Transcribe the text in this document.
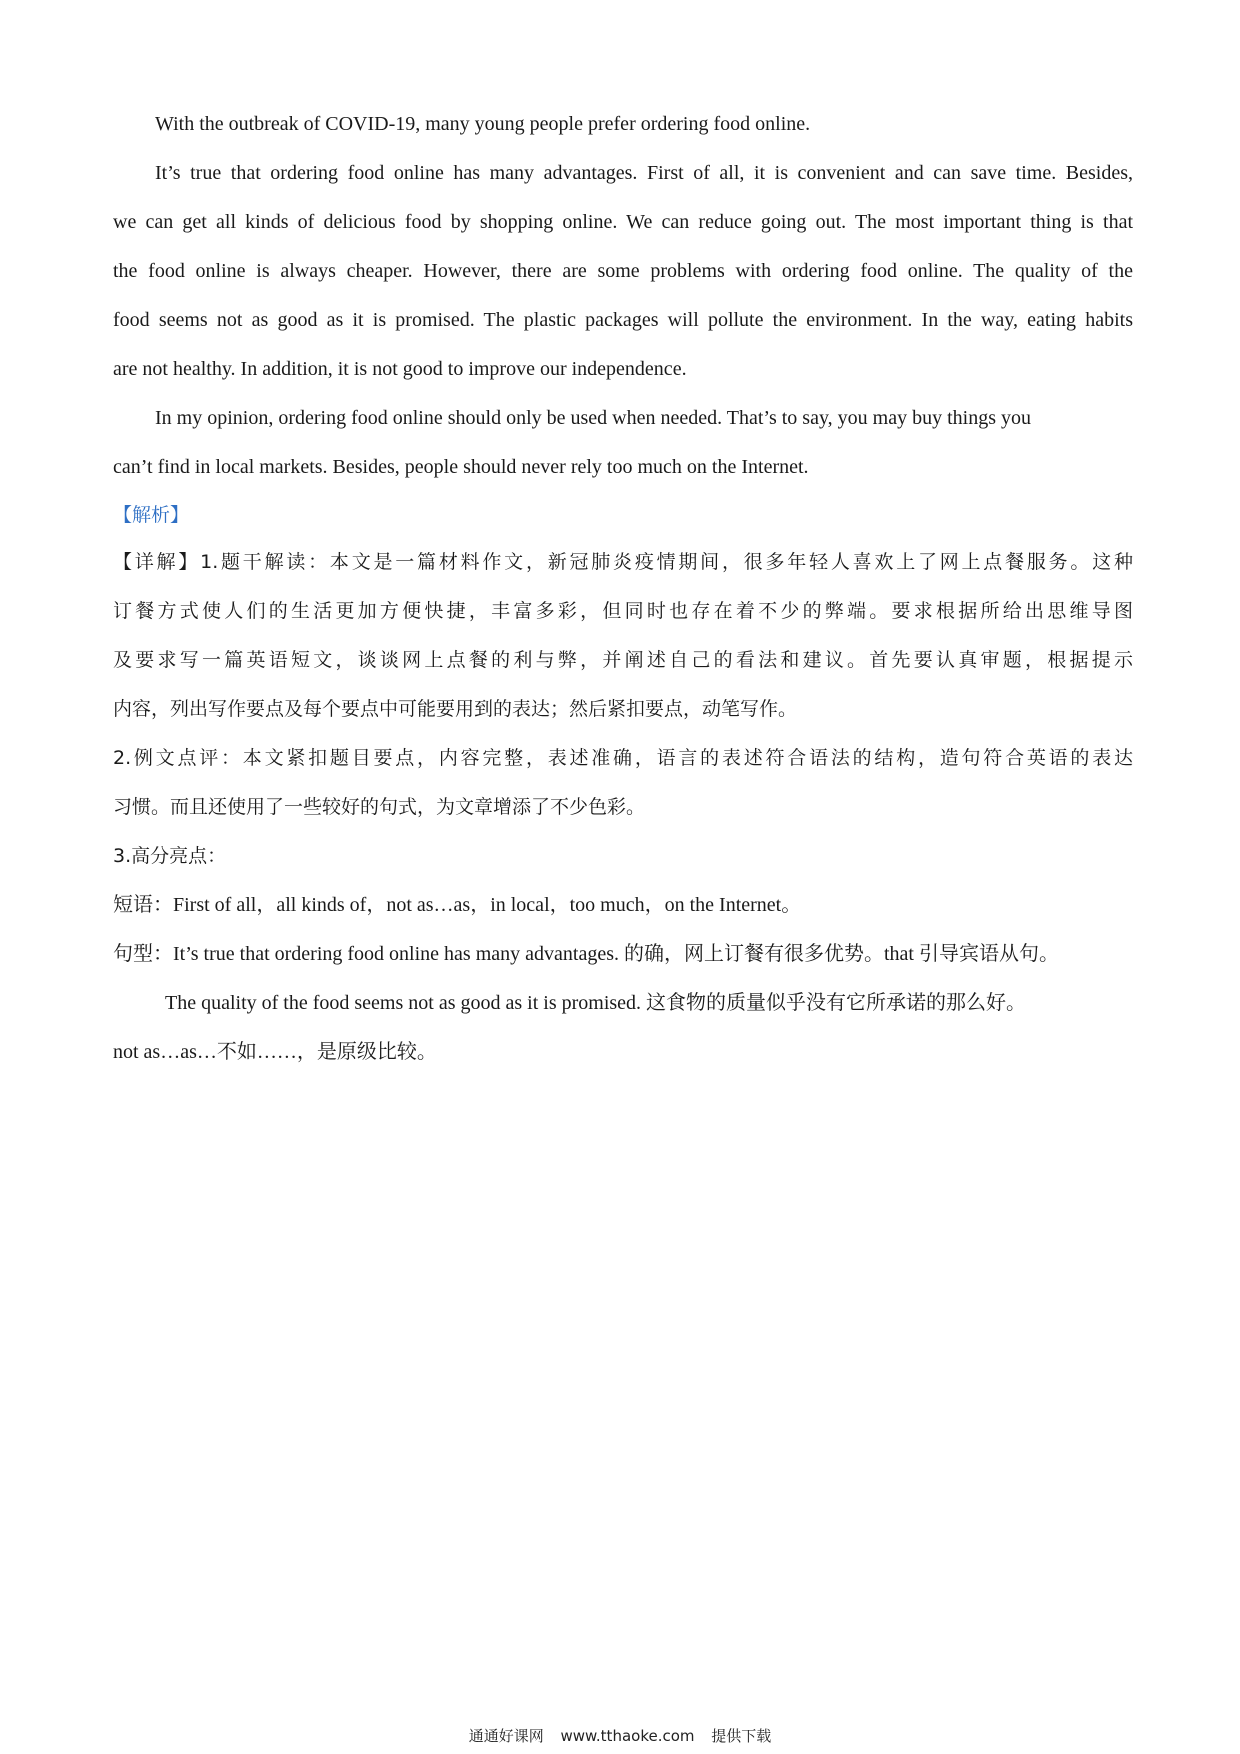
With the outbreak of COVID-19, many young people prefer ordering food online.
It’s true that ordering food online has many advantages. First of all, it is convenient and can save time. Besides,
we can get all kinds of delicious food by shopping online. We can reduce going out. The most important thing is that
the food online is always cheaper. However, there are some problems with ordering food online. The quality of the
food seems not as good as it is promised. The plastic packages will pollute the environment. In the way, eating habits
are not healthy. In addition, it is not good to improve our independence.
In my opinion, ordering food online should only be used when needed. That’s to say, you may buy things you
can’t find in local markets. Besides, people should never rely too much on the Internet.
【解析】
【详解】1.题干解读：本文是一篇材料作文，新冠肺炎疫情期间，很多年轻人喜欢上了网上点餐服务。这种
订餐方式使人们的生活更加方便快捷，丰富多彩，但同时也存在着不少的弊端。要求根据所给出思维导图
及要求写一篇英语短文，谈谈网上点餐的利与弊，并阐述自己的看法和建议。首先要认真审题，根据提示
内容，列出写作要点及每个要点中可能要用到的表达；然后紧扣要点，动笔写作。
2.例文点评：本文紧扣题目要点，内容完整，表述准确，语言的表述符合语法的结构，造句符合英语的表达
习惯。而且还使用了一些较好的句式，为文章增添了不少色彩。
3.高分亮点：
短语：First of all，all kinds of，not as…as，in local，too much，on the Internet。
句型：It’s true that ordering food online has many advantages. 的确，网上订餐有很多优势。that 引导宾语从句。
The quality of the food seems not as good as it is promised. 这食物的质量似乎没有它所承诺的那么好。
not as…as…不如……，是原级比较。
通通好课网 www.tthaoke.com 提供下载
